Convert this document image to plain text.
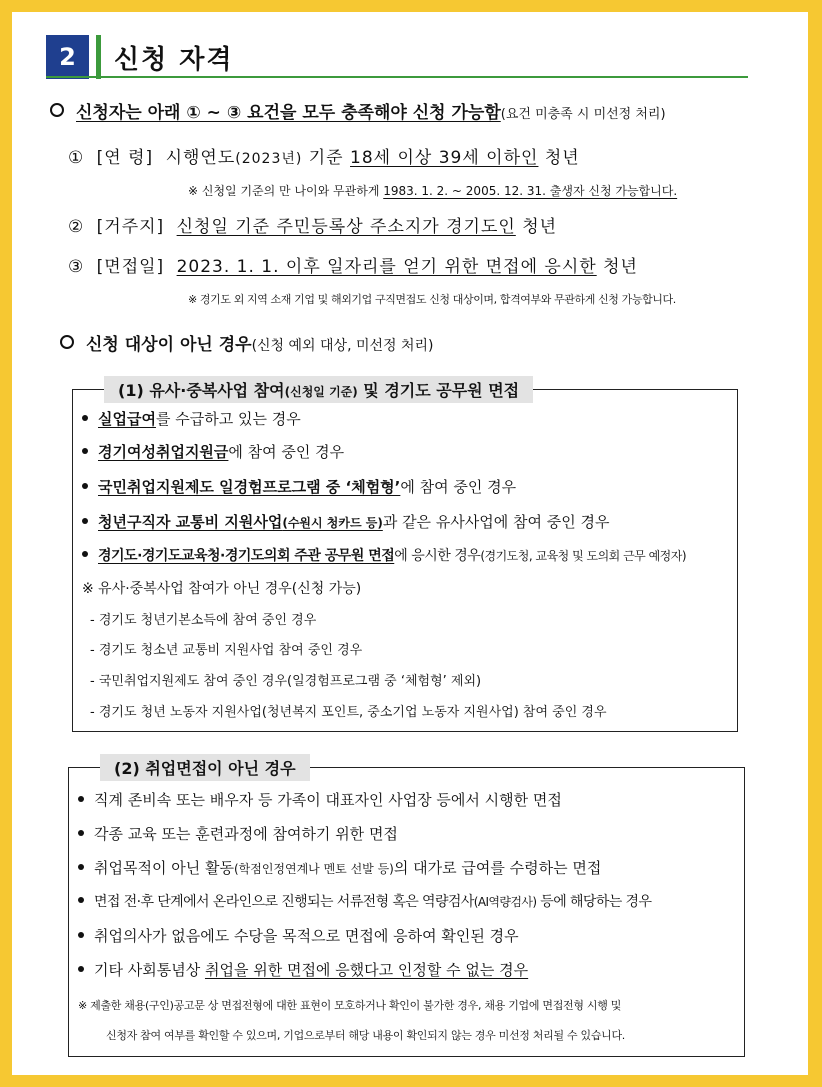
2	신청 자격
신청자는 아래 ① ~ ③ 요건을 모두 충족해야 신청 가능함(요건 미충족 시 미선정 처리)
① [연 령] 시행연도(2023년) 기준 18세 이상 39세 이하인 청년
※ 신청일 기준의 만 나이와 무관하게 1983. 1. 2. ~ 2005. 12. 31. 출생자 신청 가능합니다.
② [거주지] 신청일 기준 주민등록상 주소지가 경기도인 청년
③ [면접일] 2023. 1. 1. 이후 일자리를 얻기 위한 면접에 응시한 청년
※ 경기도 외 지역 소재 기업 및 해외기업 구직면접도 신청 대상이며, 합격여부와 무관하게 신청 가능합니다.
신청 대상이 아닌 경우(신청 예외 대상, 미선정 처리)
(1) 유사·중복사업 참여(신청일 기준) 및 경기도 공무원 면접
실업급여를 수급하고 있는 경우
경기여성취업지원금에 참여 중인 경우
국민취업지원제도 일경험프로그램 중 ‘체험형’에 참여 중인 경우
청년구직자 교통비 지원사업(수원시 청카드 등)과 같은 유사사업에 참여 중인 경우
경기도·경기도교육청·경기도의회 주관 공무원 면접에 응시한 경우(경기도청, 교육청 및 도의회 근무 예정자)
※ 유사·중복사업 참여가 아닌 경우(신청 가능)
- 경기도 청년기본소득에 참여 중인 경우
- 경기도 청소년 교통비 지원사업 참여 중인 경우
- 국민취업지원제도 참여 중인 경우(일경험프로그램 중 ‘체험형’ 제외)
- 경기도 청년 노동자 지원사업(청년복지 포인트, 중소기업 노동자 지원사업) 참여 중인 경우
(2) 취업면접이 아닌 경우
직계 존비속 또는 배우자 등 가족이 대표자인 사업장 등에서 시행한 면접
각종 교육 또는 훈련과정에 참여하기 위한 면접
취업목적이 아닌 활동(학점인정연계나 멘토 선발 등)의 대가로 급여를 수령하는 면접
면접 전·후 단계에서 온라인으로 진행되는 서류전형 혹은 역량검사(AI역량검사) 등에 해당하는 경우
취업의사가 없음에도 수당을 목적으로 면접에 응하여 확인된 경우
기타 사회통념상 취업을 위한 면접에 응했다고 인정할 수 없는 경우
※ 제출한 채용(구인)공고문 상 면접전형에 대한 표현이 모호하거나 확인이 불가한 경우, 채용 기업에 면접전형 시행 및
신청자 참여 여부를 확인할 수 있으며, 기업으로부터 해당 내용이 확인되지 않는 경우 미선정 처리될 수 있습니다.
